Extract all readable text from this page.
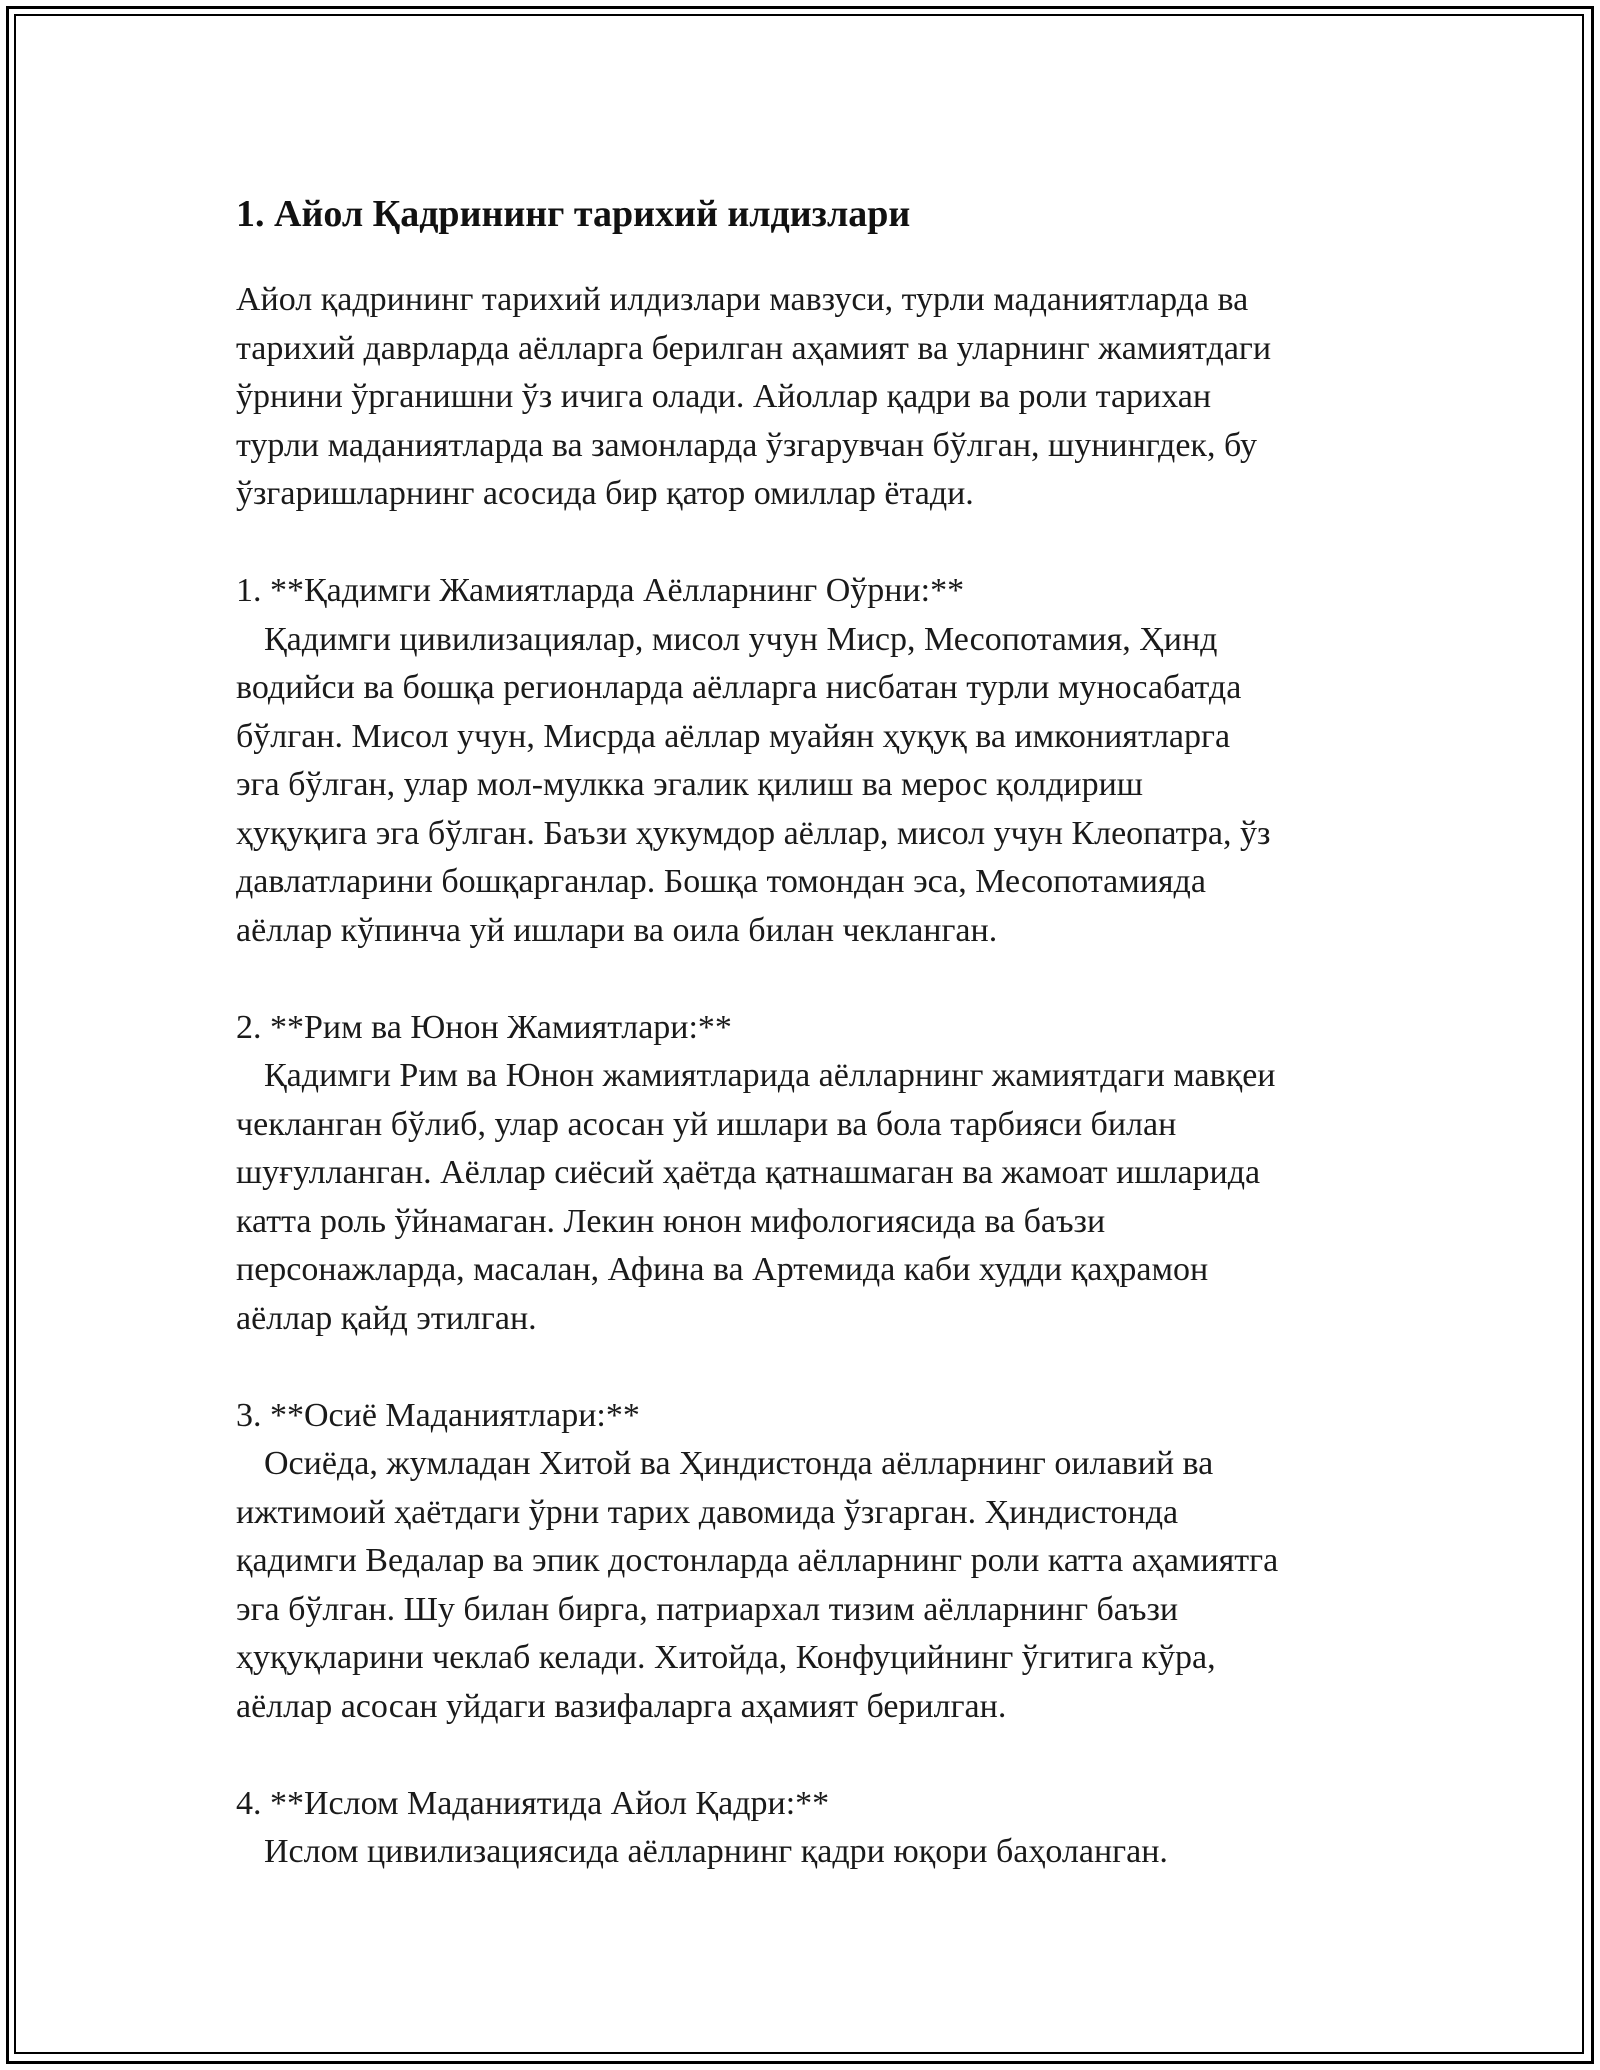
1. Айол Қадрининг тарихий илдизлари

Айол қадрининг тарихий илдизлари мавзуси, турли маданиятларда ва
тарихий даврларда аёлларга берилган аҳамият ва уларнинг жамиятдаги
ўрнини ўрганишни ўз ичига олади. Айоллар қадри ва роли тарихан
турли маданиятларда ва замонларда ўзгарувчан бўлган, шунингдек, бу
ўзгаришларнинг асосида бир қатор омиллар ётади.

1. **Қадимги Жамиятларда Аёлларнинг Оўрни:**

Қадимги цивилизациялар, мисол учун Миср, Месопотамия, Ҳинд
водийси ва бошқа регионларда аёлларга нисбатан турли муносабатда
бўлган. Мисол учун, Мисрда аёллар муайян ҳуқуқ ва имкониятларга
эга бўлган, улар мол-мулкка эгалик қилиш ва мерос қолдириш
ҳуқуқига эга бўлган. Баъзи ҳукумдор аёллар, мисол учун Клеопатра, ўз
давлатларини бошқарганлар. Бошқа томондан эса, Месопотамияда
аёллар кўпинча уй ишлари ва оила билан чекланган.

2. **Рим ва Юнон Жамиятлари:**

Қадимги Рим ва Юнон жамиятларида аёлларнинг жамиятдаги мавқеи
чекланган бўлиб, улар асосан уй ишлари ва бола тарбияси билан
шуғулланган. Аёллар сиёсий ҳаётда қатнашмаган ва жамоат ишларида
катта роль ўйнамаган. Лекин юнон мифологиясида ва баъзи
персонажларда, масалан, Афина ва Артемида каби худди қаҳрамон
аёллар қайд этилган.

3. **Осиё Маданиятлари:**

Осиёда, жумладан Хитой ва Ҳиндистонда аёлларнинг оилавий ва
ижтимоий ҳаётдаги ўрни тарих давомида ўзгарган. Ҳиндистонда
қадимги Ведалар ва эпик достонларда аёлларнинг роли катта аҳамиятга
эга бўлган. Шу билан бирга, патриархал тизим аёлларнинг баъзи
ҳуқуқларини чеклаб келади. Хитойда, Конфуцийнинг ўгитига кўра,
аёллар асосан уйдаги вазифаларга аҳамият берилган.

4. **Ислом Маданиятида Айол Қадри:**

Ислом цивилизациясида аёлларнинг қадри юқори баҳоланган.
